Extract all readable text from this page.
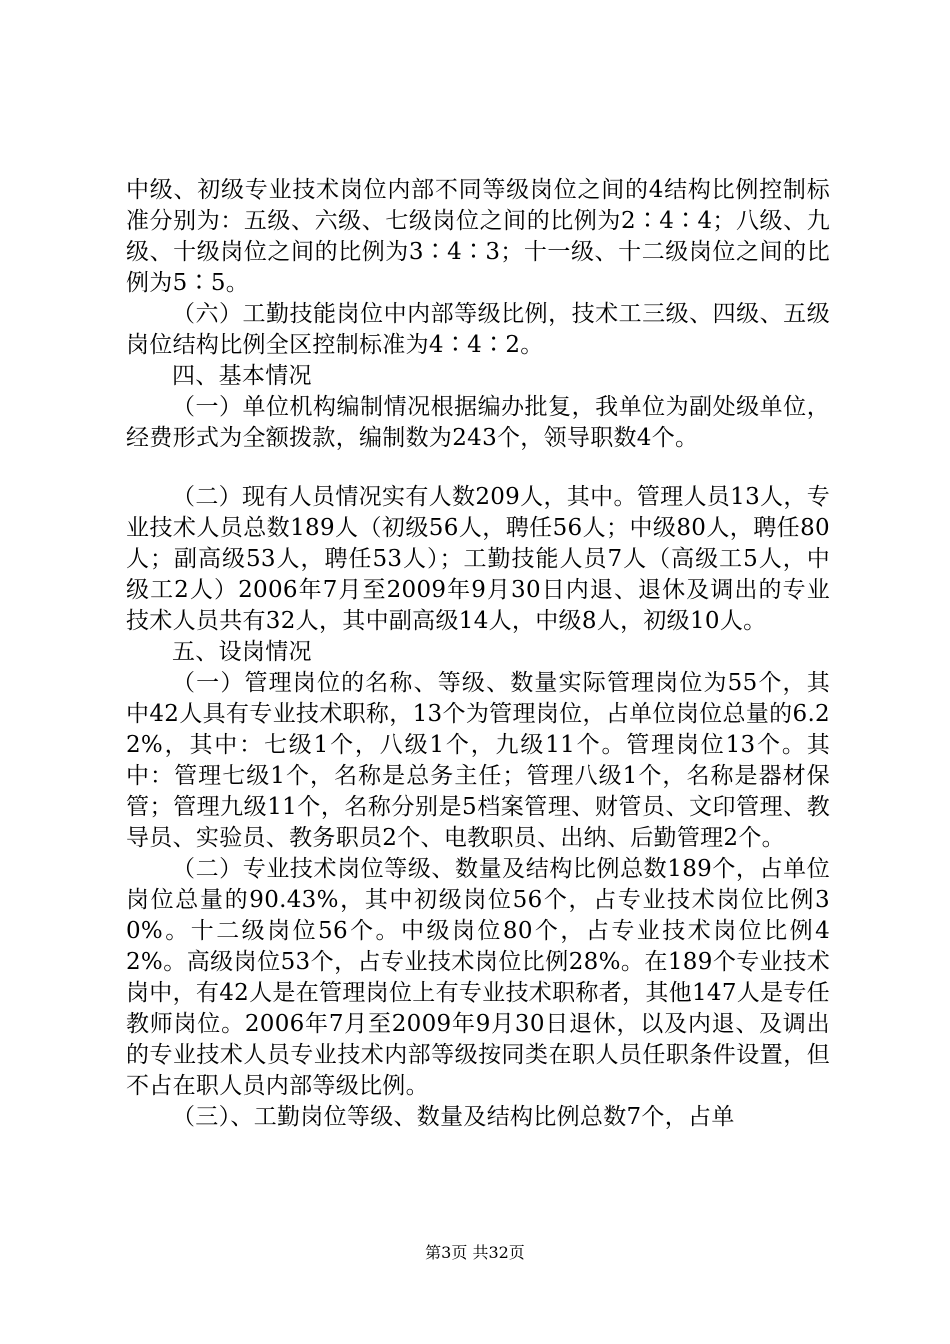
中级、初级专业技术岗位内部不同等级岗位之间的4结构比例控制标准分别为：五级、六级、七级岗位之间的比例为2∶4∶4；八级、九级、十级岗位之间的比例为3∶4∶3；十一级、十二级岗位之间的比例为5∶5。

（六）工勤技能岗位中内部等级比例，技术工三级、四级、五级岗位结构比例全区控制标准为4∶4∶2。

四、基本情况

（一）单位机构编制情况根据编办批复，我单位为副处级单位，经费形式为全额拨款，编制数为243个，领导职数4个。

（二）现有人员情况实有人数209人，其中。管理人员13人，专业技术人员总数189人（初级56人，聘任56人；中级80人，聘任80人；副高级53人，聘任53人）；工勤技能人员7人（高级工5人，中级工2人）2006年7月至2009年9月30日内退、退休及调出的专业技术人员共有32人，其中副高级14人，中级8人，初级10人。

五、设岗情况

（一）管理岗位的名称、等级、数量实际管理岗位为55个，其中42人具有专业技术职称，13个为管理岗位，占单位岗位总量的6.22%，其中：七级1个，八级1个，九级11个。管理岗位13个。其中：管理七级1个，名称是总务主任；管理八级1个，名称是器材保管；管理九级11个，名称分别是5档案管理、财管员、文印管理、教导员、实验员、教务职员2个、电教职员、出纳、后勤管理2个。

（二）专业技术岗位等级、数量及结构比例总数189个，占单位岗位总量的90.43%，其中初级岗位56个，占专业技术岗位比例30%。十二级岗位56个。中级岗位80个，占专业技术岗位比例42%。高级岗位53个，占专业技术岗位比例28%。在189个专业技术岗中，有42人是在管理岗位上有专业技术职称者，其他147人是专任教师岗位。2006年7月至2009年9月30日退休，以及内退、及调出的专业技术人员专业技术内部等级按同类在职人员任职条件设置，但不占在职人员内部等级比例。

（三）、工勤岗位等级、数量及结构比例总数7个，占单

第3页 共32页
